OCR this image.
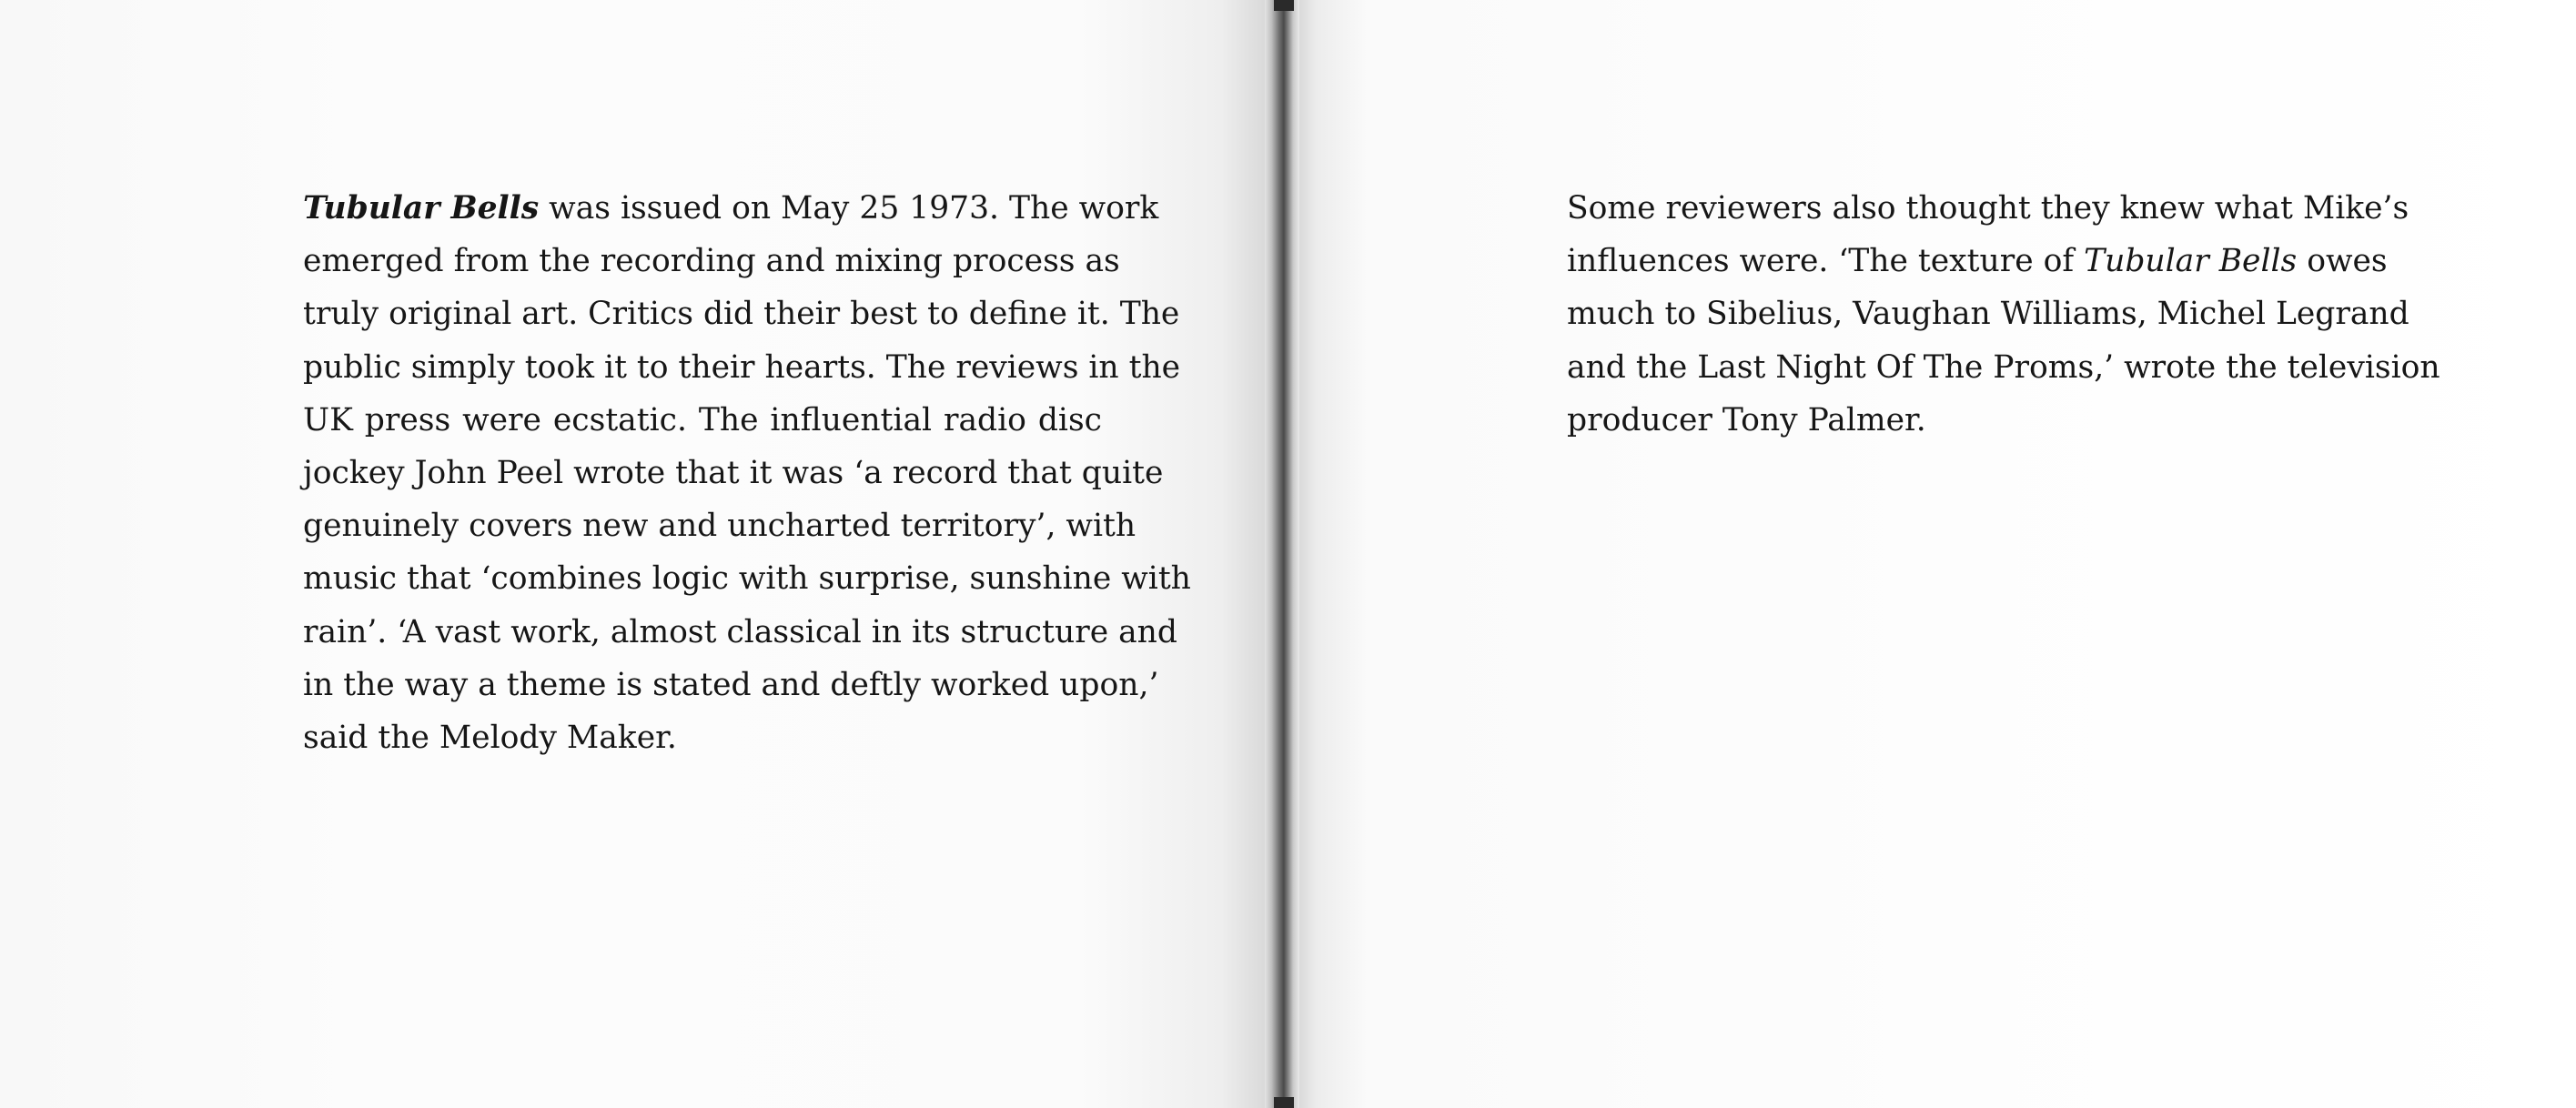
Tubular Bells was issued on May 25 1973. The work
emerged from the recording and mixing process as
truly original art. Critics did their best to define it. The
public simply took it to their hearts. The reviews in the
UK press were ecstatic. The influential radio disc
jockey John Peel wrote that it was ‘a record that quite
genuinely covers new and uncharted territory’, with
music that ‘combines logic with surprise, sunshine with
rain’. ‘A vast work, almost classical in its structure and
in the way a theme is stated and deftly worked upon,’
said the Melody Maker.
Some reviewers also thought they knew what Mike’s
influences were. ‘The texture of Tubular Bells owes
much to Sibelius, Vaughan Williams, Michel Legrand
and the Last Night Of The Proms,’ wrote the television
producer Tony Palmer.
